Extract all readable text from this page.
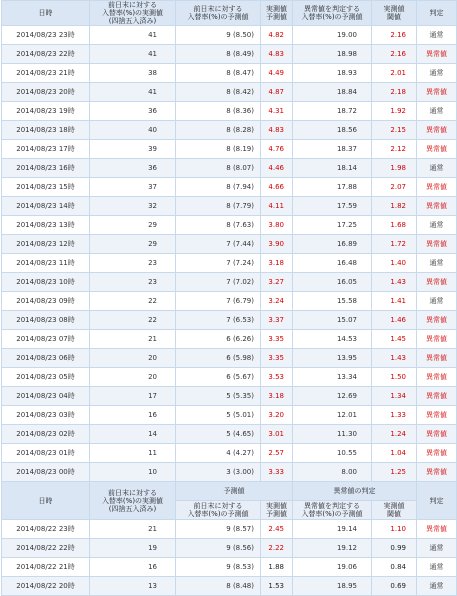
日時	前日末に対する
入替率(%)の実測値
(四捨五入済み)	前日末に対する
入替率(%)の予測値	実測値
予測値	異常値を判定する
入替率(%)の予測値	実測値
閾値	判定
2014/08/23 23時	41	9 (8.50)	4.82	19.00	2.16	通常
2014/08/23 22時	41	8 (8.49)	4.83	18.98	2.16	異常値
2014/08/23 21時	38	8 (8.47)	4.49	18.93	2.01	通常
2014/08/23 20時	41	8 (8.42)	4.87	18.84	2.18	異常値
2014/08/23 19時	36	8 (8.36)	4.31	18.72	1.92	通常
2014/08/23 18時	40	8 (8.28)	4.83	18.56	2.15	異常値
2014/08/23 17時	39	8 (8.19)	4.76	18.37	2.12	異常値
2014/08/23 16時	36	8 (8.07)	4.46	18.14	1.98	通常
2014/08/23 15時	37	8 (7.94)	4.66	17.88	2.07	異常値
2014/08/23 14時	32	8 (7.79)	4.11	17.59	1.82	異常値
2014/08/23 13時	29	8 (7.63)	3.80	17.25	1.68	通常
2014/08/23 12時	29	7 (7.44)	3.90	16.89	1.72	異常値
2014/08/23 11時	23	7 (7.24)	3.18	16.48	1.40	通常
2014/08/23 10時	23	7 (7.02)	3.27	16.05	1.43	異常値
2014/08/23 09時	22	7 (6.79)	3.24	15.58	1.41	通常
2014/08/23 08時	22	7 (6.53)	3.37	15.07	1.46	異常値
2014/08/23 07時	21	6 (6.26)	3.35	14.53	1.45	異常値
2014/08/23 06時	20	6 (5.98)	3.35	13.95	1.43	異常値
2014/08/23 05時	20	6 (5.67)	3.53	13.34	1.50	異常値
2014/08/23 04時	17	5 (5.35)	3.18	12.69	1.34	異常値
2014/08/23 03時	16	5 (5.01)	3.20	12.01	1.33	異常値
2014/08/23 02時	14	5 (4.65)	3.01	11.30	1.24	異常値
2014/08/23 01時	11	4 (4.27)	2.57	10.55	1.04	異常値
2014/08/23 00時	10	3 (3.00)	3.33	8.00	1.25	異常値
日時	前日末に対する
入替率(%)の実測値
(四捨五入済み)	予測値		異常値の判定		判定
		前日末に対する
入替率(%)の予測値	実測値
予測値	異常値を判定する
入替率(%)の予測値	実測値
閾値	
2014/08/22 23時	21	9 (8.57)	2.45	19.14	1.10	異常値
2014/08/22 22時	19	9 (8.56)	2.22	19.12	0.99	通常
2014/08/22 21時	16	9 (8.53)	1.88	19.06	0.84	通常
2014/08/22 20時	13	8 (8.48)	1.53	18.95	0.69	通常
